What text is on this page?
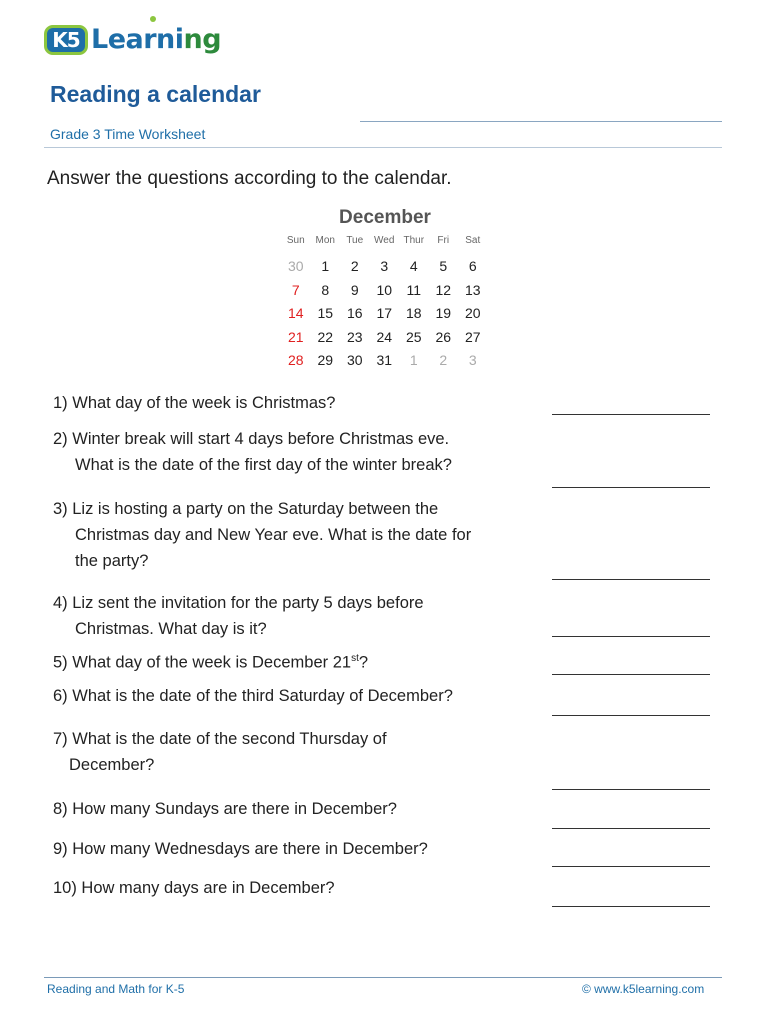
K5 Learning
Reading a calendar
Grade 3 Time Worksheet
Answer the questions according to the calendar.
December
Sun	Mon	Tue	Wed Thur	Fri	Sat
30	1	2	3	4	5	6
7	8	9	10	11	12 13
14 15 16 17 18 19 20
21 22 23 24 25 26 27
28 29 30 31	1	2	3
1) What day of the week is Christmas?
2) Winter break will start 4 days before Christmas eve.
What is the date of the first day of the winter break?
3) Liz is hosting a party on the Saturday between the
Christmas day and New Year eve. What is the date for
the party?
4) Liz sent the invitation for the party 5 days before
Christmas. What day is it?
5) What day of the week is December 21st?
6) What is the date of the third Saturday of December?
7) What is the date of the second Thursday of
December?
8) How many Sundays are there in December?
9) How many Wednesdays are there in December?
10) How many days are in December?
Reading and Math for K-5	© www.k5learning.com
